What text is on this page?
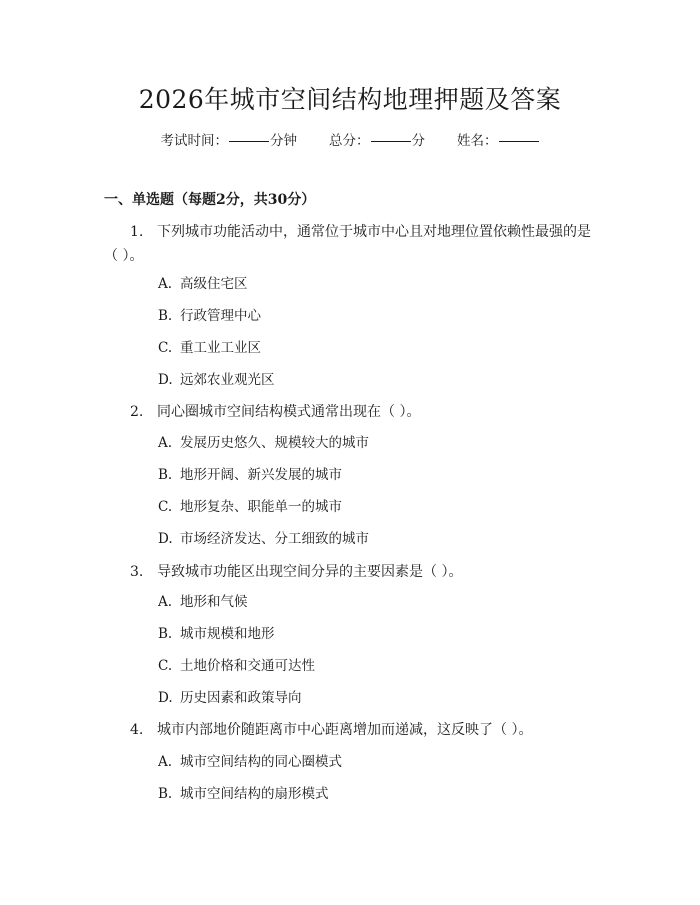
2026年城市空间结构地理押题及答案
考试时间：	分钟 总分：	分 姓名：
一、单选题（每题2分，共30分）
1. 下列城市功能活动中，通常位于城市中心且对地理位置依赖性最强的是（ ）。
A. 高级住宅区
B. 行政管理中心
C. 重工业工业区
D. 远郊农业观光区
2. 同心圈城市空间结构模式通常出现在（ ）。
A. 发展历史悠久、规模较大的城市
B. 地形开阔、新兴发展的城市
C. 地形复杂、职能单一的城市
D. 市场经济发达、分工细致的城市
3. 导致城市功能区出现空间分异的主要因素是（ ）。
A. 地形和气候
B. 城市规模和地形
C. 土地价格和交通可达性
D. 历史因素和政策导向
4. 城市内部地价随距离市中心距离增加而递减，这反映了（ ）。
A. 城市空间结构的同心圈模式
B. 城市空间结构的扇形模式
